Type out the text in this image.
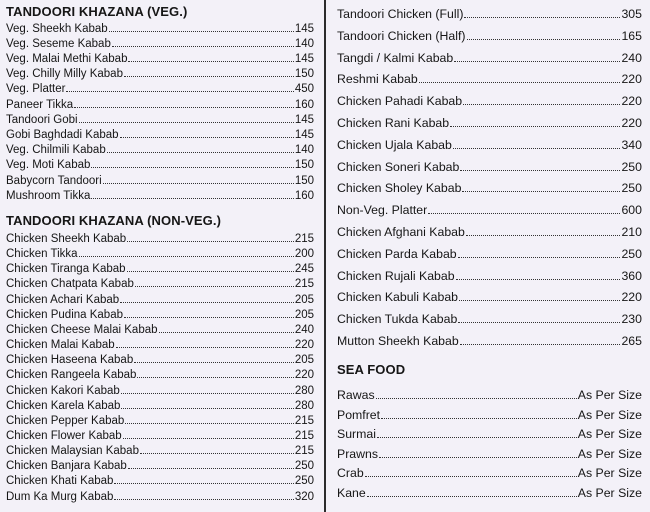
TANDOORI KHAZANA (VEG.)
Veg. Sheekh Kabab	145
Veg. Seseme Kabab	140
Veg. Malai Methi Kabab	145
Veg. Chilly Milly Kabab	150
Veg. Platter	450
Paneer Tikka	160
Tandoori Gobi	145
Gobi Baghdadi Kabab	145
Veg. Chilmili Kabab	140
Veg. Moti Kabab	150
Babycorn Tandoori	150
Mushroom Tikka	160
TANDOORI KHAZANA (NON-VEG.)
Chicken Sheekh Kabab	215
Chicken Tikka	200
Chicken Tiranga Kabab	245
Chicken Chatpata Kabab	215
Chicken Achari Kabab	205
Chicken Pudina Kabab	205
Chicken Cheese Malai Kabab	240
Chicken Malai Kabab	220
Chicken Haseena Kabab	205
Chicken Rangeela Kabab	220
Chicken Kakori Kabab	280
Chicken Karela Kabab	280
Chicken Pepper Kabab	215
Chicken Flower Kabab	215
Chicken Malaysian Kabab	215
Chicken Banjara Kabab	250
Chicken Khati Kabab	250
Dum Ka Murg Kabab	320
Tandoori Chicken (Full)	305
Tandoori Chicken (Half)	165
Tangdi / Kalmi Kabab	240
Reshmi Kabab	220
Chicken Pahadi Kabab	220
Chicken Rani Kabab	220
Chicken Ujala Kabab	340
Chicken Soneri Kabab	250
Chicken Sholey Kabab	250
Non-Veg. Platter	600
Chicken Afghani Kabab	210
Chicken Parda Kabab	250
Chicken Rujali Kabab	360
Chicken Kabuli Kabab	220
Chicken Tukda Kabab	230
Mutton Sheekh Kabab	265
SEA FOOD
Rawas	As Per Size
Pomfret	As Per Size
Surmai	As Per Size
Prawns	As Per Size
Crab	As Per Size
Kane	As Per Size
